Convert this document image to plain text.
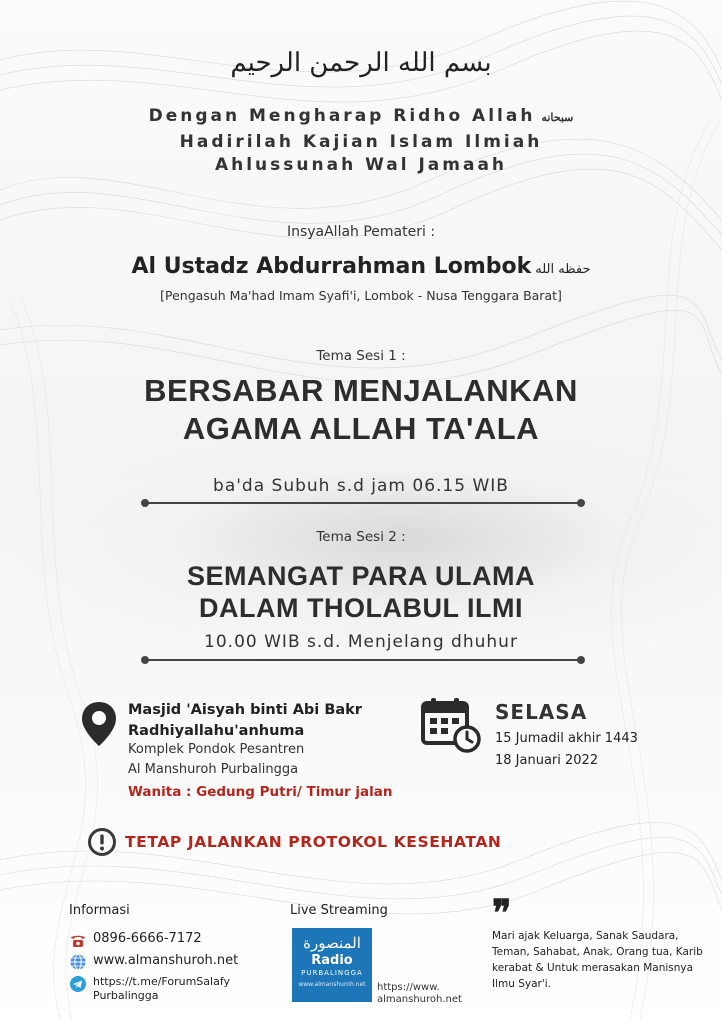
بسم الله الرحمن الرحيم
Dengan Mengharap Ridho Allah سبحانه
Hadirilah Kajian Islam Ilmiah
Ahlussunah Wal Jamaah
InsyaAllah Pemateri :
Al Ustadz Abdurrahman Lombok حفظه الله
[Pengasuh Ma'had Imam Syafi'i, Lombok - Nusa Tenggara Barat]
Tema Sesi 1 :
BERSABAR MENJALANKAN
AGAMA ALLAH TA'ALA
ba'da Subuh s.d jam 06.15 WIB
Tema Sesi 2 :
SEMANGAT PARA ULAMA
DALAM THOLABUL ILMI
10.00 WIB s.d. Menjelang dhuhur
Masjid 'Aisyah binti Abi Bakr
Radhiyallahu'anhuma
Komplek Pondok Pesantren
Al Manshuroh Purbalingga
Wanita : Gedung Putri/ Timur jalan
SELASA
15 Jumadil akhir 1443
18 Januari 2022
TETAP JALANKAN PROTOKOL KESEHATAN
Informasi
0896-6666-7172
www.almanshuroh.net
https://t.me/ForumSalafy
Purbalingga
Live Streaming
المنصورة
Radio
PURBALINGGA
www.almanshuroh.net	https://www.
almanshuroh.net
❞
Mari ajak Keluarga, Sanak Saudara, Teman, Sahabat, Anak, Orang tua, Karib kerabat & Untuk merasakan Manisnya Ilmu Syar'i.
